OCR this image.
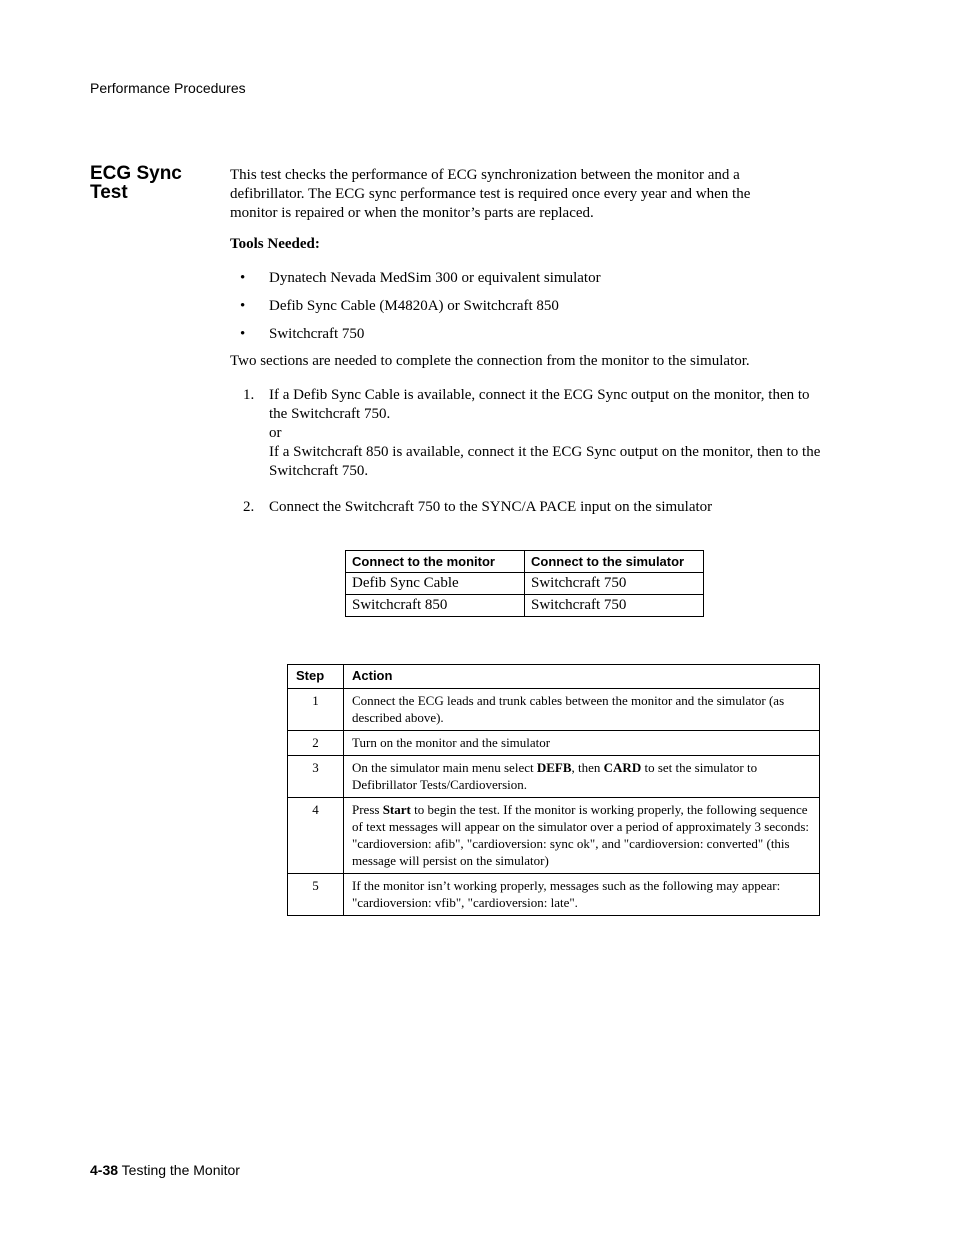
Performance Procedures
ECG Sync Test
This test checks the performance of ECG synchronization between the monitor and a defibrillator. The ECG sync performance test is required once every year and when the monitor is repaired or when the monitor’s parts are replaced.
Tools Needed:
• Dynatech Nevada MedSim 300 or equivalent simulator
• Defib Sync Cable (M4820A) or Switchcraft 850
• Switchcraft 750
Two sections are needed to complete the connection from the monitor to the simulator.
1. If a Defib Sync Cable is available, connect it the ECG Sync output on the monitor, then to the Switchcraft 750.
or
If a Switchcraft 850 is available, connect it the ECG Sync output on the monitor, then to the Switchcraft 750.
2. Connect the Switchcraft 750 to the SYNC/A PACE input on the simulator
Connect to the monitor	Connect to the simulator
Defib Sync Cable	Switchcraft 750
Switchcraft 850	Switchcraft 750
Step	Action
1	Connect the ECG leads and trunk cables between the monitor and the simulator (as described above).
2	Turn on the monitor and the simulator
3	On the simulator main menu select DEFB, then CARD to set the simulator to Defibrillator Tests/Cardioversion.
4	Press Start to begin the test. If the monitor is working properly, the following sequence of text messages will appear on the simulator over a period of approximately 3 seconds: "cardioversion: afib", "cardioversion: sync ok", and "cardioversion: converted" (this message will persist on the simulator)
5	If the monitor isn’t working properly, messages such as the following may appear: "cardioversion: vfib", "cardioversion: late".
4-38 Testing the Monitor
